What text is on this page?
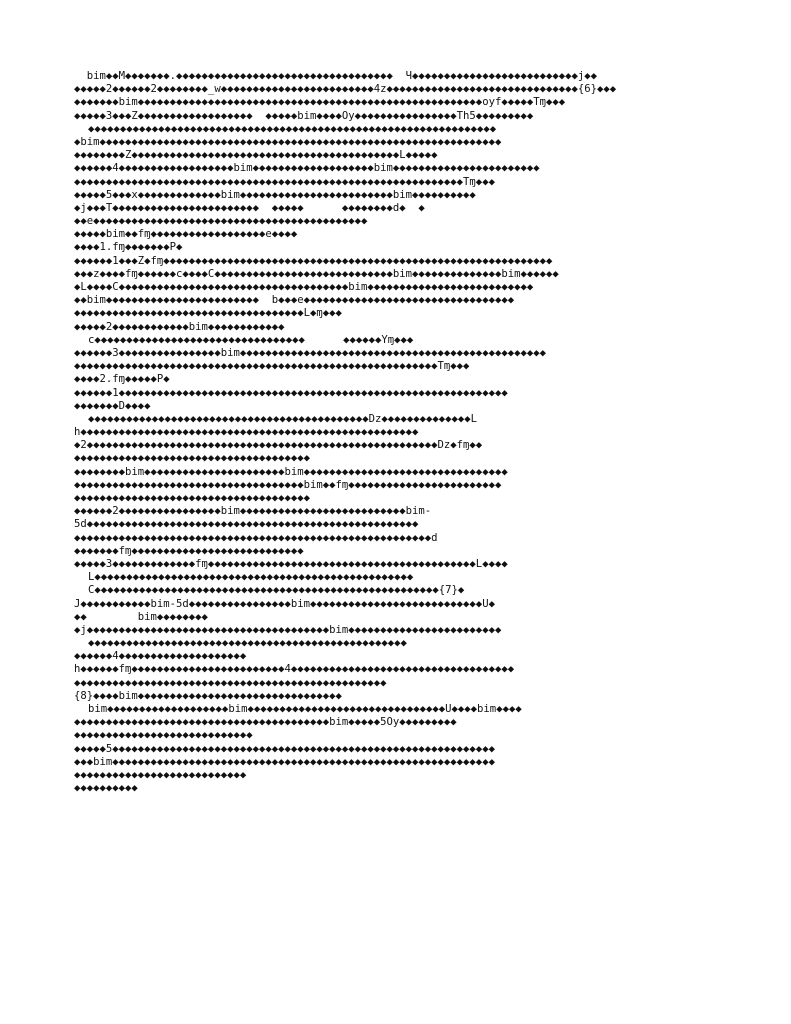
bim◆◆M◆◆◆◆◆◆◆.◆◆◆◆◆◆◆◆◆◆◆◆◆◆◆◆◆◆◆◆◆◆◆◆◆◆◆◆◆◆◆◆◆◆  Ч◆◆◆◆◆◆◆◆◆◆◆◆◆◆◆◆◆◆◆◆◆◆◆◆◆◆j◆◆
◆◆◆◆◆2◆◆◆◆◆◆2◆◆◆◆◆◆◆◆_w◆◆◆◆◆◆◆◆◆◆◆◆◆◆◆◆◆◆◆◆◆◆◆◆4z◆◆◆◆◆◆◆◆◆◆◆◆◆◆◆◆◆◆◆◆◆◆◆◆◆◆◆◆◆◆{6}◆◆◆
◆◆◆◆◆◆◆bim◆◆◆◆◆◆◆◆◆◆◆◆◆◆◆◆◆◆◆◆◆◆◆◆◆◆◆◆◆◆◆◆◆◆◆◆◆◆◆◆◆◆◆◆◆◆◆◆◆◆◆◆◆◆oyf◆◆◆◆◆Tɱ◆◆◆
◆◆◆◆◆3◆◆◆Z◆◆◆◆◆◆◆◆◆◆◆◆◆◆◆◆◆◆  ◆◆◆◆◆bim◆◆◆◆Oy◆◆◆◆◆◆◆◆◆◆◆◆◆◆◆◆Th5◆◆◆◆◆◆◆◆◆
◆◆◆◆◆◆◆◆◆◆◆◆◆◆◆◆◆◆◆◆◆◆◆◆◆◆◆◆◆◆◆◆◆◆◆◆◆◆◆◆◆◆◆◆◆◆◆◆◆◆◆◆◆◆◆◆◆◆◆◆◆◆◆◆
◆bim◆◆◆◆◆◆◆◆◆◆◆◆◆◆◆◆◆◆◆◆◆◆◆◆◆◆◆◆◆◆◆◆◆◆◆◆◆◆◆◆◆◆◆◆◆◆◆◆◆◆◆◆◆◆◆◆◆◆◆◆◆◆◆
◆◆◆◆◆◆◆◆Z◆◆◆◆◆◆◆◆◆◆◆◆◆◆◆◆◆◆◆◆◆◆◆◆◆◆◆◆◆◆◆◆◆◆◆◆◆◆◆◆◆◆L◆◆◆◆◆
◆◆◆◆◆◆4◆◆◆◆◆◆◆◆◆◆◆◆◆◆◆◆◆◆bim◆◆◆◆◆◆◆◆◆◆◆◆◆◆◆◆◆◆◆bim◆◆◆◆◆◆◆◆◆◆◆◆◆◆◆◆◆◆◆◆◆◆◆
◆◆◆◆◆◆◆◆◆◆◆◆◆◆◆◆◆◆◆◆◆◆◆◆◆◆◆◆◆◆◆◆◆◆◆◆◆◆◆◆◆◆◆◆◆◆◆◆◆◆◆◆◆◆◆◆◆◆◆◆◆Tɱ◆◆◆
◆◆◆◆◆5◆◆◆x◆◆◆◆◆◆◆◆◆◆◆◆◆bim◆◆◆◆◆◆◆◆◆◆◆◆◆◆◆◆◆◆◆◆◆◆◆◆bim◆◆◆◆◆◆◆◆◆◆
◆j◆◆◆T◆◆◆◆◆◆◆◆◆◆◆◆◆◆◆◆◆◆◆◆◆◆◆  ◆◆◆◆◆      ◆◆◆◆◆◆◆◆d◆  ◆
◆◆e◆◆◆◆◆◆◆◆◆◆◆◆◆◆◆◆◆◆◆◆◆◆◆◆◆◆◆◆◆◆◆◆◆◆◆◆◆◆◆◆◆◆◆
◆◆◆◆◆bim◆◆fɱ◆◆◆◆◆◆◆◆◆◆◆◆◆◆◆◆◆◆e◆◆◆◆
◆◆◆◆1.fɱ◆◆◆◆◆◆◆P◆
◆◆◆◆◆◆1◆◆◆Z◆fɱ◆◆◆◆◆◆◆◆◆◆◆◆◆◆◆◆◆◆◆◆◆◆◆◆◆◆◆◆◆◆◆◆◆◆◆◆◆◆◆◆◆◆◆◆◆◆◆◆◆◆◆◆◆◆◆◆◆◆◆◆◆
◆◆◆z◆◆◆◆fɱ◆◆◆◆◆◆c◆◆◆◆C◆◆◆◆◆◆◆◆◆◆◆◆◆◆◆◆◆◆◆◆◆◆◆◆◆◆◆◆bim◆◆◆◆◆◆◆◆◆◆◆◆◆◆bim◆◆◆◆◆◆
◆L◆◆◆◆C◆◆◆◆◆◆◆◆◆◆◆◆◆◆◆◆◆◆◆◆◆◆◆◆◆◆◆◆◆◆◆◆◆◆◆◆bim◆◆◆◆◆◆◆◆◆◆◆◆◆◆◆◆◆◆◆◆◆◆◆◆◆◆
◆◆bim◆◆◆◆◆◆◆◆◆◆◆◆◆◆◆◆◆◆◆◆◆◆◆◆  b◆◆◆e◆◆◆◆◆◆◆◆◆◆◆◆◆◆◆◆◆◆◆◆◆◆◆◆◆◆◆◆◆◆◆◆◆
◆◆◆◆◆◆◆◆◆◆◆◆◆◆◆◆◆◆◆◆◆◆◆◆◆◆◆◆◆◆◆◆◆◆◆◆L◆ɱ◆◆◆
◆◆◆◆◆2◆◆◆◆◆◆◆◆◆◆◆◆bim◆◆◆◆◆◆◆◆◆◆◆◆
c◆◆◆◆◆◆◆◆◆◆◆◆◆◆◆◆◆◆◆◆◆◆◆◆◆◆◆◆◆◆◆◆◆      ◆◆◆◆◆◆Yɱ◆◆◆
◆◆◆◆◆◆3◆◆◆◆◆◆◆◆◆◆◆◆◆◆◆◆bim◆◆◆◆◆◆◆◆◆◆◆◆◆◆◆◆◆◆◆◆◆◆◆◆◆◆◆◆◆◆◆◆◆◆◆◆◆◆◆◆◆◆◆◆◆◆◆◆
◆◆◆◆◆◆◆◆◆◆◆◆◆◆◆◆◆◆◆◆◆◆◆◆◆◆◆◆◆◆◆◆◆◆◆◆◆◆◆◆◆◆◆◆◆◆◆◆◆◆◆◆◆◆◆◆◆Tɱ◆◆◆
◆◆◆◆2.fɱ◆◆◆◆◆P◆
◆◆◆◆◆◆1◆◆◆◆◆◆◆◆◆◆◆◆◆◆◆◆◆◆◆◆◆◆◆◆◆◆◆◆◆◆◆◆◆◆◆◆◆◆◆◆◆◆◆◆◆◆◆◆◆◆◆◆◆◆◆◆◆◆◆◆◆
◆◆◆◆◆◆◆D◆◆◆◆
◆◆◆◆◆◆◆◆◆◆◆◆◆◆◆◆◆◆◆◆◆◆◆◆◆◆◆◆◆◆◆◆◆◆◆◆◆◆◆◆◆◆◆◆Dz◆◆◆◆◆◆◆◆◆◆◆◆◆◆L
h◆◆◆◆◆◆◆◆◆◆◆◆◆◆◆◆◆◆◆◆◆◆◆◆◆◆◆◆◆◆◆◆◆◆◆◆◆◆◆◆◆◆◆◆◆◆◆◆◆◆◆◆◆
◆2◆◆◆◆◆◆◆◆◆◆◆◆◆◆◆◆◆◆◆◆◆◆◆◆◆◆◆◆◆◆◆◆◆◆◆◆◆◆◆◆◆◆◆◆◆◆◆◆◆◆◆◆◆◆◆Dz◆fɱ◆◆
◆◆◆◆◆◆◆◆◆◆◆◆◆◆◆◆◆◆◆◆◆◆◆◆◆◆◆◆◆◆◆◆◆◆◆◆◆
◆◆◆◆◆◆◆◆bim◆◆◆◆◆◆◆◆◆◆◆◆◆◆◆◆◆◆◆◆◆◆bim◆◆◆◆◆◆◆◆◆◆◆◆◆◆◆◆◆◆◆◆◆◆◆◆◆◆◆◆◆◆◆◆
◆◆◆◆◆◆◆◆◆◆◆◆◆◆◆◆◆◆◆◆◆◆◆◆◆◆◆◆◆◆◆◆◆◆◆◆bim◆◆fɱ◆◆◆◆◆◆◆◆◆◆◆◆◆◆◆◆◆◆◆◆◆◆◆◆
◆◆◆◆◆◆◆◆◆◆◆◆◆◆◆◆◆◆◆◆◆◆◆◆◆◆◆◆◆◆◆◆◆◆◆◆◆
◆◆◆◆◆◆2◆◆◆◆◆◆◆◆◆◆◆◆◆◆◆◆bim◆◆◆◆◆◆◆◆◆◆◆◆◆◆◆◆◆◆◆◆◆◆◆◆◆◆bim-
5d◆◆◆◆◆◆◆◆◆◆◆◆◆◆◆◆◆◆◆◆◆◆◆◆◆◆◆◆◆◆◆◆◆◆◆◆◆◆◆◆◆◆◆◆◆◆◆◆◆◆◆◆
◆◆◆◆◆◆◆◆◆◆◆◆◆◆◆◆◆◆◆◆◆◆◆◆◆◆◆◆◆◆◆◆◆◆◆◆◆◆◆◆◆◆◆◆◆◆◆◆◆◆◆◆◆◆◆◆d
◆◆◆◆◆◆◆fɱ◆◆◆◆◆◆◆◆◆◆◆◆◆◆◆◆◆◆◆◆◆◆◆◆◆◆◆
◆◆◆◆◆3◆◆◆◆◆◆◆◆◆◆◆◆◆fɱ◆◆◆◆◆◆◆◆◆◆◆◆◆◆◆◆◆◆◆◆◆◆◆◆◆◆◆◆◆◆◆◆◆◆◆◆◆◆◆◆◆◆L◆◆◆◆
L◆◆◆◆◆◆◆◆◆◆◆◆◆◆◆◆◆◆◆◆◆◆◆◆◆◆◆◆◆◆◆◆◆◆◆◆◆◆◆◆◆◆◆◆◆◆◆◆◆◆
C◆◆◆◆◆◆◆◆◆◆◆◆◆◆◆◆◆◆◆◆◆◆◆◆◆◆◆◆◆◆◆◆◆◆◆◆◆◆◆◆◆◆◆◆◆◆◆◆◆◆◆◆◆◆{7}◆
J◆◆◆◆◆◆◆◆◆◆◆bim-5d◆◆◆◆◆◆◆◆◆◆◆◆◆◆◆◆bim◆◆◆◆◆◆◆◆◆◆◆◆◆◆◆◆◆◆◆◆◆◆◆◆◆◆◆U◆
◆◆        bim◆◆◆◆◆◆◆◆
◆j◆◆◆◆◆◆◆◆◆◆◆◆◆◆◆◆◆◆◆◆◆◆◆◆◆◆◆◆◆◆◆◆◆◆◆◆◆◆bim◆◆◆◆◆◆◆◆◆◆◆◆◆◆◆◆◆◆◆◆◆◆◆◆
◆◆◆◆◆◆◆◆◆◆◆◆◆◆◆◆◆◆◆◆◆◆◆◆◆◆◆◆◆◆◆◆◆◆◆◆◆◆◆◆◆◆◆◆◆◆◆◆◆◆
◆◆◆◆◆◆4◆◆◆◆◆◆◆◆◆◆◆◆◆◆◆◆◆◆◆◆
h◆◆◆◆◆◆fɱ◆◆◆◆◆◆◆◆◆◆◆◆◆◆◆◆◆◆◆◆◆◆◆◆4◆◆◆◆◆◆◆◆◆◆◆◆◆◆◆◆◆◆◆◆◆◆◆◆◆◆◆◆◆◆◆◆◆◆◆
◆◆◆◆◆◆◆◆◆◆◆◆◆◆◆◆◆◆◆◆◆◆◆◆◆◆◆◆◆◆◆◆◆◆◆◆◆◆◆◆◆◆◆◆◆◆◆◆◆
{8}◆◆◆◆bim◆◆◆◆◆◆◆◆◆◆◆◆◆◆◆◆◆◆◆◆◆◆◆◆◆◆◆◆◆◆◆◆
bim◆◆◆◆◆◆◆◆◆◆◆◆◆◆◆◆◆◆◆bim◆◆◆◆◆◆◆◆◆◆◆◆◆◆◆◆◆◆◆◆◆◆◆◆◆◆◆◆◆◆◆U◆◆◆◆bim◆◆◆◆
◆◆◆◆◆◆◆◆◆◆◆◆◆◆◆◆◆◆◆◆◆◆◆◆◆◆◆◆◆◆◆◆◆◆◆◆◆◆◆◆bim◆◆◆◆◆5Oy◆◆◆◆◆◆◆◆◆
◆◆◆◆◆◆◆◆◆◆◆◆◆◆◆◆◆◆◆◆◆◆◆◆◆◆◆◆
◆◆◆◆◆5◆◆◆◆◆◆◆◆◆◆◆◆◆◆◆◆◆◆◆◆◆◆◆◆◆◆◆◆◆◆◆◆◆◆◆◆◆◆◆◆◆◆◆◆◆◆◆◆◆◆◆◆◆◆◆◆◆◆◆◆
◆◆◆bim◆◆◆◆◆◆◆◆◆◆◆◆◆◆◆◆◆◆◆◆◆◆◆◆◆◆◆◆◆◆◆◆◆◆◆◆◆◆◆◆◆◆◆◆◆◆◆◆◆◆◆◆◆◆◆◆◆◆◆◆
◆◆◆◆◆◆◆◆◆◆◆◆◆◆◆◆◆◆◆◆◆◆◆◆◆◆◆
◆◆◆◆◆◆◆◆◆◆
